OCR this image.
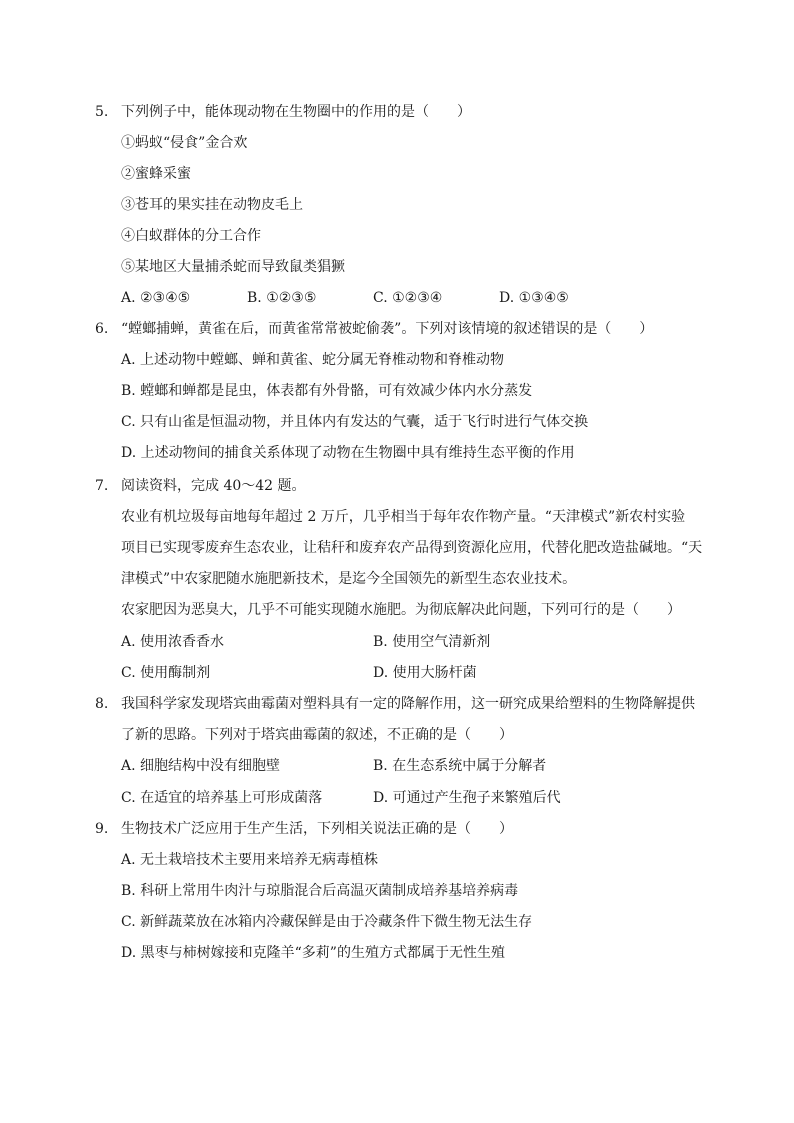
5. 下列例子中，能体现动物在生物圈中的作用的是（　　）
①蚂蚁“侵食”金合欢
②蜜蜂采蜜
③苍耳的果实挂在动物皮毛上
④白蚁群体的分工合作
⑤某地区大量捕杀蛇而导致鼠类猖獗
A. ②③④⑤	B. ①②③⑤	C. ①②③④	D. ①③④⑤
6. “螳螂捕蝉，黄雀在后，而黄雀常常被蛇偷袭”。下列对该情境的叙述错误的是（　　）
A. 上述动物中螳螂、蝉和黄雀、蛇分属无脊椎动物和脊椎动物
B. 螳螂和蝉都是昆虫，体表都有外骨骼，可有效减少体内水分蒸发
C. 只有山雀是恒温动物，并且体内有发达的气囊，适于飞行时进行气体交换
D. 上述动物间的捕食关系体现了动物在生物圈中具有维持生态平衡的作用
7. 阅读资料，完成 40～42 题。
农业有机垃圾每亩地每年超过 2 万斤，几乎相当于每年农作物产量。“天津模式”新农村实验
项目已实现零废弃生态农业，让秸秆和废弃农产品得到资源化应用，代替化肥改造盐碱地。“天
津模式”中农家肥随水施肥新技术，是迄今全国领先的新型生态农业技术。
农家肥因为恶臭大，几乎不可能实现随水施肥。为彻底解决此问题，下列可行的是（　　）
A. 使用浓香香水	B. 使用空气清新剂
C. 使用酶制剂	D. 使用大肠杆菌
8. 我国科学家发现塔宾曲霉菌对塑料具有一定的降解作用，这一研究成果给塑料的生物降解提供
了新的思路。下列对于塔宾曲霉菌的叙述，不正确的是（　　）
A. 细胞结构中没有细胞壁	B. 在生态系统中属于分解者
C. 在适宜的培养基上可形成菌落	D. 可通过产生孢子来繁殖后代
9. 生物技术广泛应用于生产生活，下列相关说法正确的是（　　）
A. 无土栽培技术主要用来培养无病毒植株
B. 科研上常用牛肉汁与琼脂混合后高温灭菌制成培养基培养病毒
C. 新鲜蔬菜放在冰箱内冷藏保鲜是由于冷藏条件下微生物无法生存
D. 黑枣与柿树嫁接和克隆羊“多莉”的生殖方式都属于无性生殖
